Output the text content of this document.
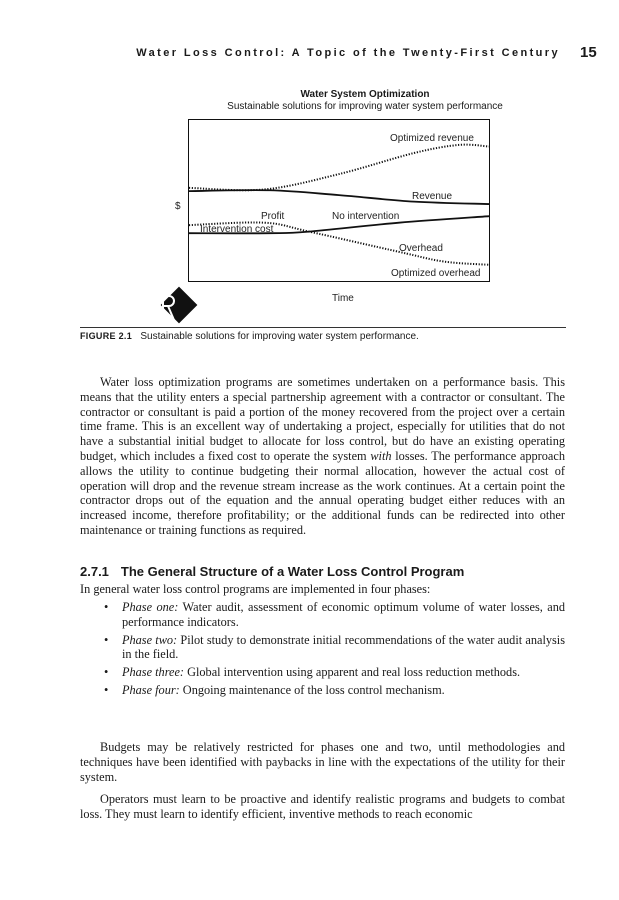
Water Loss Control: A Topic of the Twenty-First Century 15
Water System Optimization
Sustainable solutions for improving water system performance
$
Time
Optimized revenue
Revenue
Profit	No intervention
Intervention cost
Overhead
Optimized overhead
FIGURE 2.1 Sustainable solutions for improving water system performance.
Water loss optimization programs are sometimes undertaken on a performance basis. This means that the utility enters a special partnership agreement with a contractor or consultant. The contractor or consultant is paid a portion of the money recovered from the project over a certain time frame. This is an excellent way of undertaking a project, especially for utilities that do not have a substantial initial budget to allocate for loss control, but do have an existing operating budget, which includes a fixed cost to operate the system with losses. The performance approach allows the utility to continue budgeting their normal allocation, however the actual cost of operation will drop and the revenue stream increase as the work continues. At a certain point the contractor drops out of the equation and the annual operating budget either reduces with an increased income, therefore profitability; or the additional funds can be redirected into other maintenance or training functions as required.
2.7.1 The General Structure of a Water Loss Control Program
In general water loss control programs are implemented in four phases:
• Phase one: Water audit, assessment of economic optimum volume of water losses, and performance indicators.
• Phase two: Pilot study to demonstrate initial recommendations of the water audit analysis in the field.
• Phase three: Global intervention using apparent and real loss reduction methods.
• Phase four: Ongoing maintenance of the loss control mechanism.
Budgets may be relatively restricted for phases one and two, until methodologies and techniques have been identified with paybacks in line with the expectations of the utility for their system.
Operators must learn to be proactive and identify realistic programs and budgets to combat loss. They must learn to identify efficient, inventive methods to reach economic
